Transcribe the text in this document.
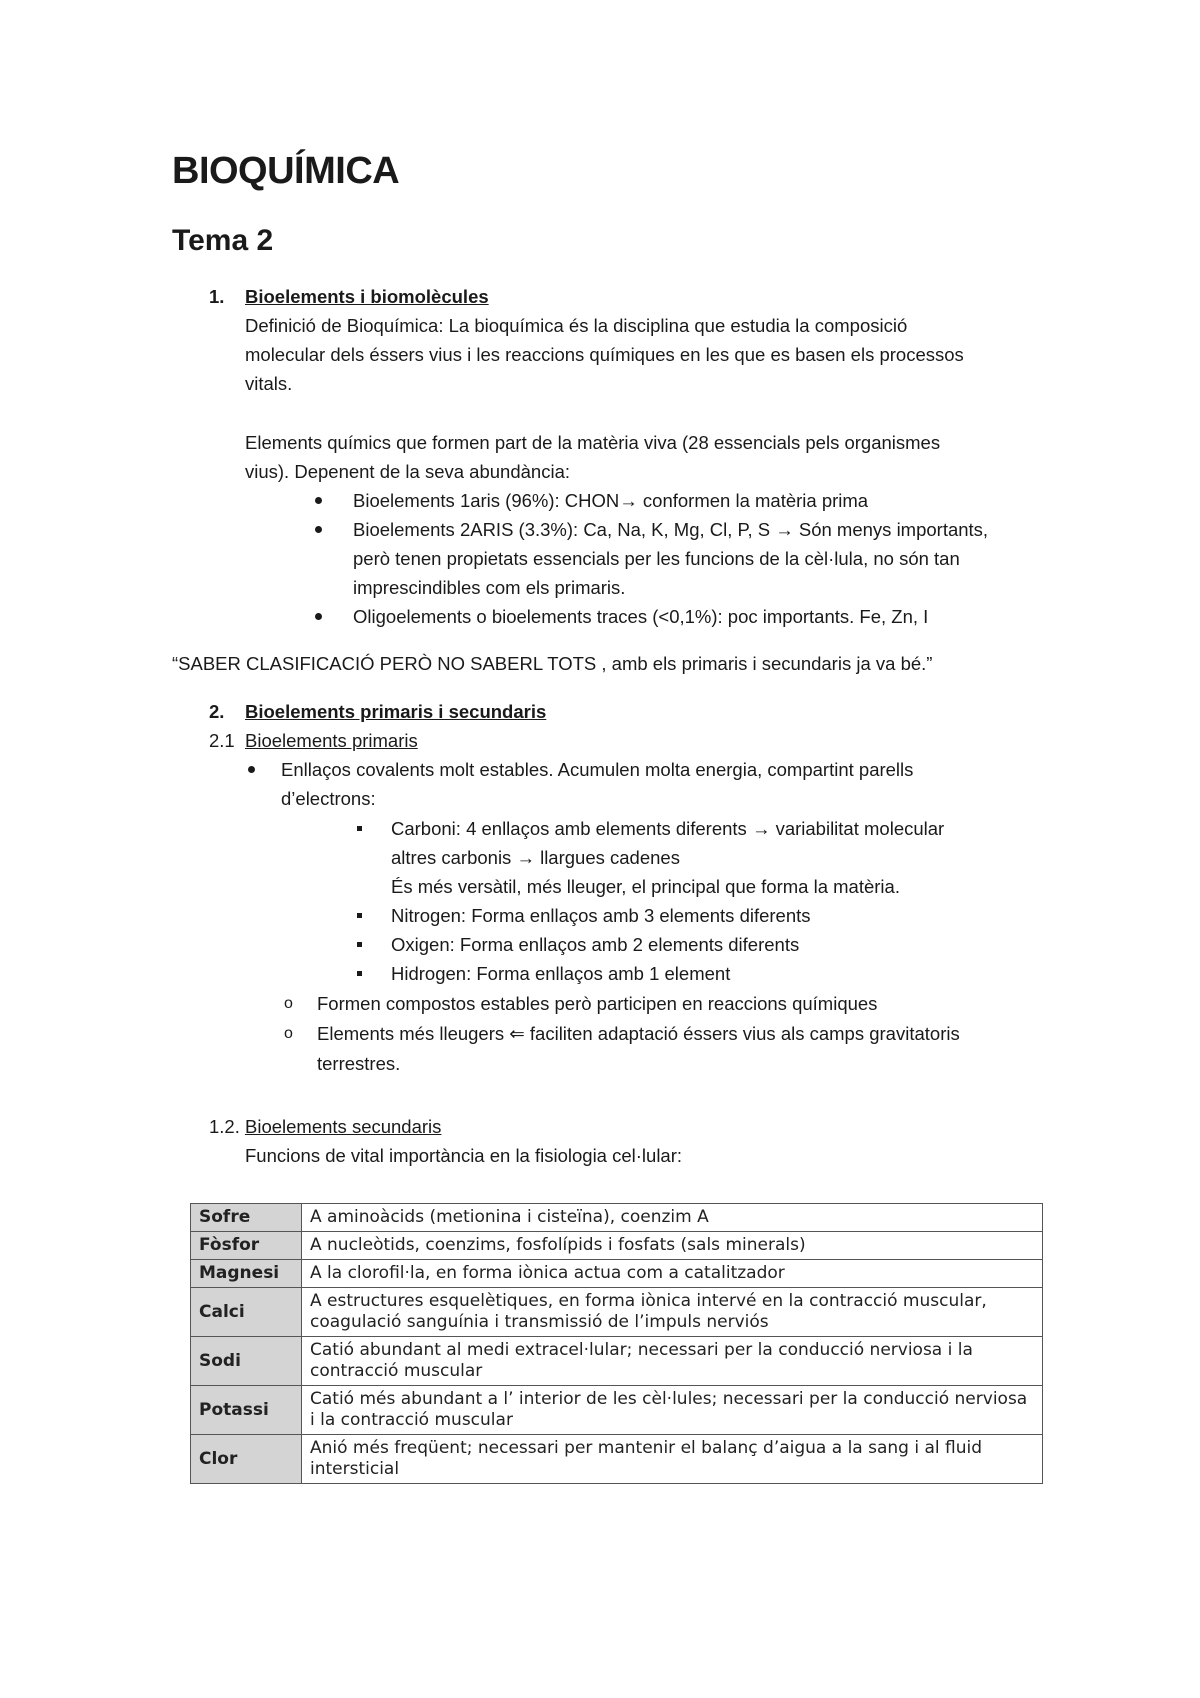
BIOQUÍMICA
Tema 2
1. Bioelements i biomolècules
Definició de Bioquímica: La bioquímica és la disciplina que estudia la composició
molecular dels éssers vius i les reaccions químiques en les que es basen els processos
vitals.
Elements químics que formen part de la matèria viva (28 essencials pels organismes
vius). Depenent de la seva abundància:
Bioelements 1aris (96%): CHON→ conformen la matèria prima
Bioelements 2ARIS (3.3%): Ca, Na, K, Mg, Cl, P, S → Són menys importants,
però tenen propietats essencials per les funcions de la cèl·lula, no són tan
imprescindibles com els primaris.
Oligoelements o bioelements traces (<0,1%): poc importants. Fe, Zn, I
“SABER CLASIFICACIÓ PERÒ NO SABERL TOTS , amb els primaris i secundaris ja va bé.”
2. Bioelements primaris i secundaris
2.1 Bioelements primaris
Enllaços covalents molt estables. Acumulen molta energia, compartint parells
d’electrons:
Carboni: 4 enllaços amb elements diferents → variabilitat molecular
altres carbonis → llargues cadenes
És més versàtil, més lleuger, el principal que forma la matèria.
Nitrogen: Forma enllaços amb 3 elements diferents
Oxigen: Forma enllaços amb 2 elements diferents
Hidrogen: Forma enllaços amb 1 element
o Formen compostos estables però participen en reaccions químiques
o Elements més lleugers ⇐ faciliten adaptació éssers vius als camps gravitatoris
terrestres.
1.2. Bioelements secundaris
Funcions de vital importància en la fisiologia cel·lular:
Sofre	A aminoàcids (metionina i cisteïna), coenzim A
Fòsfor	A nucleòtids, coenzims, fosfolípids i fosfats (sals minerals)
Magnesi	A la clorofil·la, en forma iònica actua com a catalitzador
Calci	A estructures esquelètiques, en forma iònica intervé en la contracció muscular, coagulació sanguínia i transmissió de l’impuls nerviós
Sodi	Catió abundant al medi extracel·lular; necessari per la conducció nerviosa i la contracció muscular
Potassi	Catió més abundant a l’ interior de les cèl·lules; necessari per la conducció nerviosa i la contracció muscular
Clor	Anió més freqüent; necessari per mantenir el balanç d’aigua a la sang i al fluid intersticial
